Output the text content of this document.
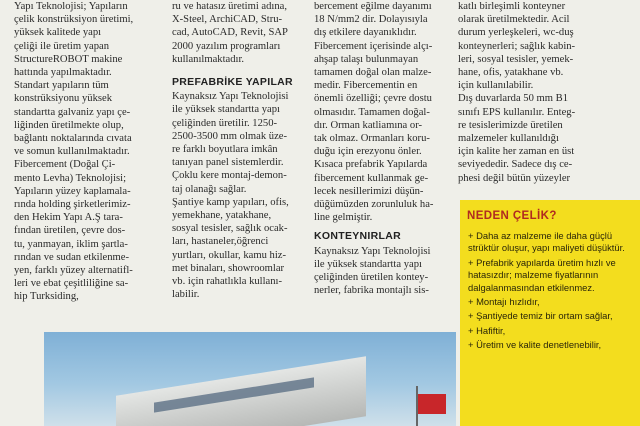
Yapı Teknolojisi; Yapıların
çelik konstrüksiyon üretimi,
yüksek kalitede yapı
çeliği ile üretim yapan
StructureROBOT makine
hattında yapılmaktadır.
Standart yapıların tüm
konstrüksiyonu yüksek
standartta galvaniz yapı çe-
liğinden üretilmekte olup,
bağlantı noktalarında cıvata
ve somun kullanılmaktadır.
Fibercement (Doğal Çi-
mento Levha) Teknolojisi;
Yapıların yüzey kaplamala-
rında holding şirketlerimiz-
den Hekim Yapı A.Ş tara-
fından üretilen, çevre dos-
tu, yanmayan, iklim şartla-
rından ve sudan etkilenme-
yen, farklı yüzey alternatifl-
leri ve ebat çeşitliliğine sa-
hip Turksiding,

ru ve hatasız üretimi adına,
X-Steel, ArchiCAD, Stru-
cad, AutoCAD, Revit, SAP
2000 yazılım programları
kullanılmaktadır.

PREFABRİKE YAPILAR

Kaynaksız Yapı Teknolojisi
ile yüksek standartta yapı
çeliğinden üretilir. 1250-
2500-3500 mm olmak üze-
re farklı boyutlara imkân
tanıyan panel sistemlerdir.
Çoklu kere montaj-demon-
taj olanağı sağlar.
Şantiye kamp yapıları, ofis,
yemekhane, yatakhane,
sosyal tesisler, sağlık ocak-
ları, hastaneler,öğrenci
yurtları, okullar, kamu hiz-
met binaları, showroomlar
vb. için rahatlıkla kullanı-
labilir.

bercement eğilme dayanımı
18 N/mm2 dir. Dolayısıyla
dış etkilere dayanıklıdır.
Fibercement içerisinde alçı-
ahşap talaşı bulunmayan
tamamen doğal olan malze-
medir. Fibercementin en
önemli özelliği; çevre dostu
olmasıdır. Tamamen doğal-
dır. Orman katliamına or-
tak olmaz. Ormanları koru-
duğu için erezyonu önler.
Kısaca prefabrik Yapılarda
fibercement kullanmak ge-
lecek nesillerimizi düşün-
düğümüzden zorunluluk ha-
line gelmiştir.

KONTEYNIRLAR

Kaynaksız Yapı Teknolojisi
ile yüksek standartta yapı
çeliğinden üretilen kontey-
nerler, fabrika montajlı sis-

katlı birleşimli konteyner
olarak üretilmektedir. Acil
durum yerleşkeleri, wc-duş
konteynerleri; sağlık kabin-
leri, sosyal tesisler, yemek-
hane, ofis, yatakhane vb.
için kullanılabilir.
Dış duvarlarda 50 mm B1
sınıfı EPS kullanılır. Enteg-
re tesislerimizde üretilen
malzemeler kullanıldığı
için kalite her zaman en üst
seviyededir. Sadece dış ce-
phesi değil bütün yüzeyler

NEDEN ÇELİK?
+ Daha az malzeme ile daha güçlü strüktür oluşur, yapı maliyeti düşüktür.
+ Prefabrik yapılarda üretim hızlı ve hatasızdır; malzeme fiyatlarının dalgalanmasından etkilenmez.
+ Montajı hızlıdır,
+ Şantiyede temiz bir ortam sağlar,
+ Hafiftir,
+ Üretim ve kalite denetlenebilir,
